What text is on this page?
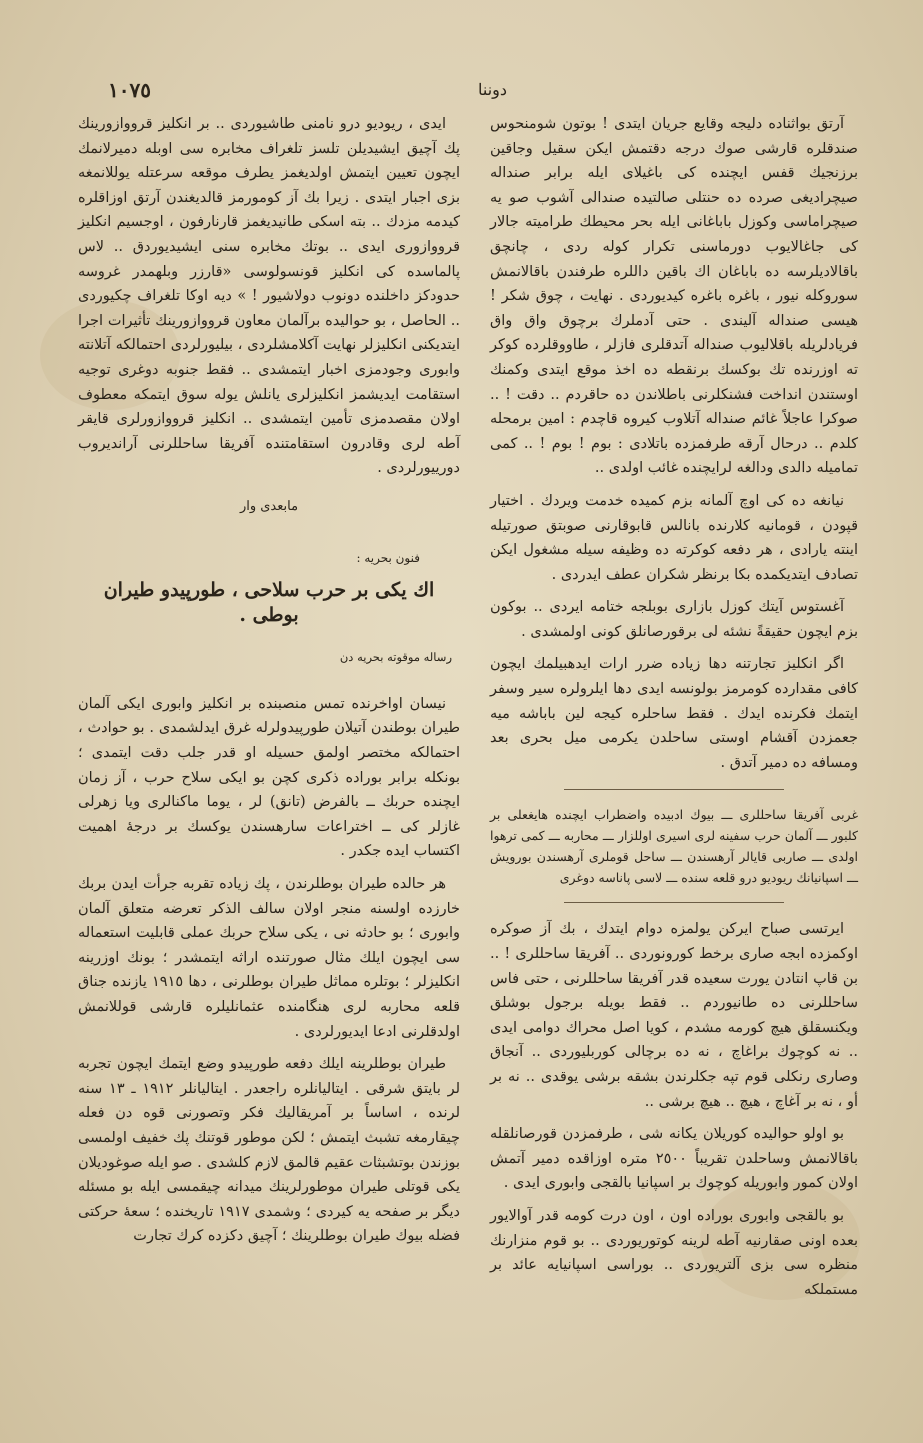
١٠٧٥	دوننا

آرتق بواثناده دليجه وقايع جريان ايتدى ! بوتون شومنحوس صندقلره قارشى صوك درجه دقتمش ايكن سقيل وجاقين برزنجيك قفس ايچنده كى باغيلاى ايله برابر صنداله صيچراديغى صرده ده حنتلى صالتيده صندالى آشوب صو يه صيچراماسى وكوزل باباغانى ايله بحر محيطك طراميته جالار كى جاغالايوب دورماسنى تكرار كوله ردى ، چانچق باقالاديلرسه ده باباغان اك باقين داللره طرفندن باقالانمش سوروكله نيور ، باغره باغره كيديوردى . نهايت ، چوق شكر ! هيسى صنداله آليندى . حتى آدملرك برچوق واق واق فريادلريله باقلاليوب صنداله آتدقلرى فازلر ، طاووقلرده كوكر ته اوزرنده تك بوكسك برنقطه ده اخذ موقع ايتدى وكمنك اوستندن انداخت فشنكلرنى باطلاندن ده حاقردم .. دقت ! .. صوكرا عاجلاً غائم صنداله آتلاوب كيروه قاچدم : امين برمحله كلدم .. درحال آرقه طرفمزده باتلادى : بوم ! بوم ! .. كمى تماميله دالدى ودالغه لرايچنده غائب اولدى ..

نيانغه ده كى اوچ آلمانه بزم كميده خدمت ويردك . اختيار قپودن ، قومانيه كلارنده بانالس قابوقارنى صوبتق صورتيله اينته يارادى ، هر دفعه كوكرته ده وظيفه سيله مشغول ايكن تصادف ايتديكمده بكا برنظر شكران عطف ايدردى .

آغستوس آيتك كوزل بازارى بوبلجه ختامه ايردى .. بوكون بزم ايچون حقيقةً نشئه لى برقورصانلق كونى اولمشدى .

اگر انكليز تجارتنه دها زياده ضرر ارات ايدهبيلمك ايچون كافى مقدارده كومرمز بولونسه ايدى دها ايلرولره سير وسفر ايتمك فكرنده ايدك . فقط ساحلره كيجه لين باباشه ميه جعمزدن آقشام اوستى ساحلدن يكرمى ميل بحرى بعد ومسافه ده دمير آتدق .

غربى آفريقا ساحللرى ـــ بيوك ادبيده واضطراب ايچنده هايغعلى بر كلبور ـــ آلمان حرب سفينه لرى اسيرى اوللزار ـــ محاربه ـــ كمى ترهوا اولدى ـــ صاربى قايالر آرهسندن ـــ ساحل قوملرى آرهسندن بورويش ـــ اسپانيانك ريوديو درو قلعه سنده ـــ لاسى پاناسه دوغرى

ايرتسى صباح ايركن يولمزه دوام ايتدك ، بك آز صوكره اوكمزده ابجه صارى برخط كورونوردى .. آفريقا ساحللرى ! .. بن قاپ انتادن يورت سعيده قدر آفريقا ساحللرنى ، حتى فاس ساحللرنى ده طانيوردم .. فقط بويله برجول بوشلق ويكنسقلق هيچ كورمه مشدم ، كويا اصل محراك دوامى ايدى .. نه كوچوك براغاچ ، نه ده برچالى كوربليوردى .. آنجاق وصارى رنكلى قوم تپه جكلرندن بشقه برشى يوقدى .. نه بر أو ، نه بر آغاچ ، هيچ .. هيچ برشى ..

بو اولو حواليده كوريلان يكانه شى ، طرفمزدن قورصانلقله باقالانمش وساحلدن تقريباً ٢٥٠٠ متره اوزاقده دمير آتمش اولان كمور وابوريله كوچوك بر اسپانيا بالقجى وابورى ايدى .

بو بالقجى وابورى بوراده اون ، اون درت كومه قدر آوالايور بعده اونى صقارنيه آطه لرينه كوتوريوردى .. بو قوم منزارنك منظره سى بزى آلتريوردى .. بوراسى اسپانيايه عائد بر مستملكه

ايدى ، ريوديو درو نامنى طاشيوردى .. بر انكليز قرووازورينك پك آچيق ايشيديلن تلسز تلغراف مخابره سى اوبله دميرلانمك ايچون تعيين ايتمش اولديغمز يطرف موقعه سرعتله يوللانمغه بزى اجبار ايتدى . زيرا بك آز كومورمز قالديغندن آرتق اوزاقلره كيدمه مزدك .. بته اسكى طانيديغمز قارنارفون ، اوجسيم انكليز قرووازورى ايدى .. بوتك مخابره سنى ايشيديوردق .. لاس پالماسده كى انكليز قونسولوسى «قارزر وبلهمدر غروسه حدودكز داخلنده دونوب دولاشيور ! » ديه اوكا تلغراف چكيوردى .. الحاصل ، بو حواليده برآلمان معاون قرووازورينك تأثيرات اجرا ايتديكنى انكليزلر نهايت آكلامشلردى ، بيليورلردى احتمالكه آتلانته وابورى وجودمزى اخبار ايتمشدى .. فقط جنوبه دوغرى توجيه استقامت ايديشمز انكليزلرى يانلش يوله سوق ايتمكه معطوف اولان مقصدمزى تأمين ايتمشدى .. انكليز قرووازورلرى قايقر آطه لرى وقادرون استقامتنده آفريقا ساحللرنى آرانديروب دورييورلردى .

مابعدى وار

فنون بحريه :

اك يكى بر حرب سلاحى ، طورپيدو طيران بوطى .

رساله موقوته بحريه دن

نيسان اواخرنده تمس منصبنده بر انكليز وابورى ايكى آلمان طيران بوطندن آتيلان طورپيدولرله غرق ايدلشمدى . بو حوادث ، احتمالكه مختصر اولمق حسيله او قدر جلب دقت ايتمدى ؛ بونكله برابر بوراده ذكرى كچن بو ايكى سلاح حرب ، آز زمان ايچنده حربك ــ بالفرض (تانق) لر ، يوما ماكنالرى ويا زهرلى غازلر كى ــ اختراعات سارهسندن يوكسك بر درجهٔ اهميت اكتساب ايده جكدر .

هر حالده طيران بوطلرندن ، پك زياده تقربه جرأت ايدن بربك خارزده اولسنه منجر اولان سالف الذكر تعرضه متعلق آلمان وابورى ؛ بو حادثه نى ، يكى سلاح حربك عملى قابليت استعماله سى ايچون ايلك مثال صورتنده اراثه ايتمشدر ؛ بونك اوزرينه انكليزلر ؛ بوتلره مماثل طيران بوطلرنى ، دها ١٩١٥ يازنده جناق قلعه محاربه لرى هنگامنده عثمانليلره قارشى قوللانمش اولدقلرنى ادعا ايديورلردى .

طيران بوطلرينه ايلك دفعه طورپيدو وضع ايتمك ايچون تجربه لر بايتق شرقى . ايتاليانلره راجعدر . ايتاليانلر ١٩١٢ ـ ١٣ سنه لرنده ، اساساً بر آمريقاليك فكر وتصورنى قوه دن فعله چيقارمغه تشبث ايتمش ؛ لكن موطور قوتنك پك خفيف اولمسى بوزندن بوتشبثات عقيم قالمق لازم كلشدى . صو ايله صوغوديلان يكى قوتلى طيران موطورلرينك ميدانه چيقمسى ايله بو مسئله ديگر بر صفحه يه كيردى ؛ وشمدى ١٩١٧ تاريخنده ؛ سعهٔ حركتى فضله بيوك طيران بوطلرينك ؛ آچيق دكزده كرك تجارت
